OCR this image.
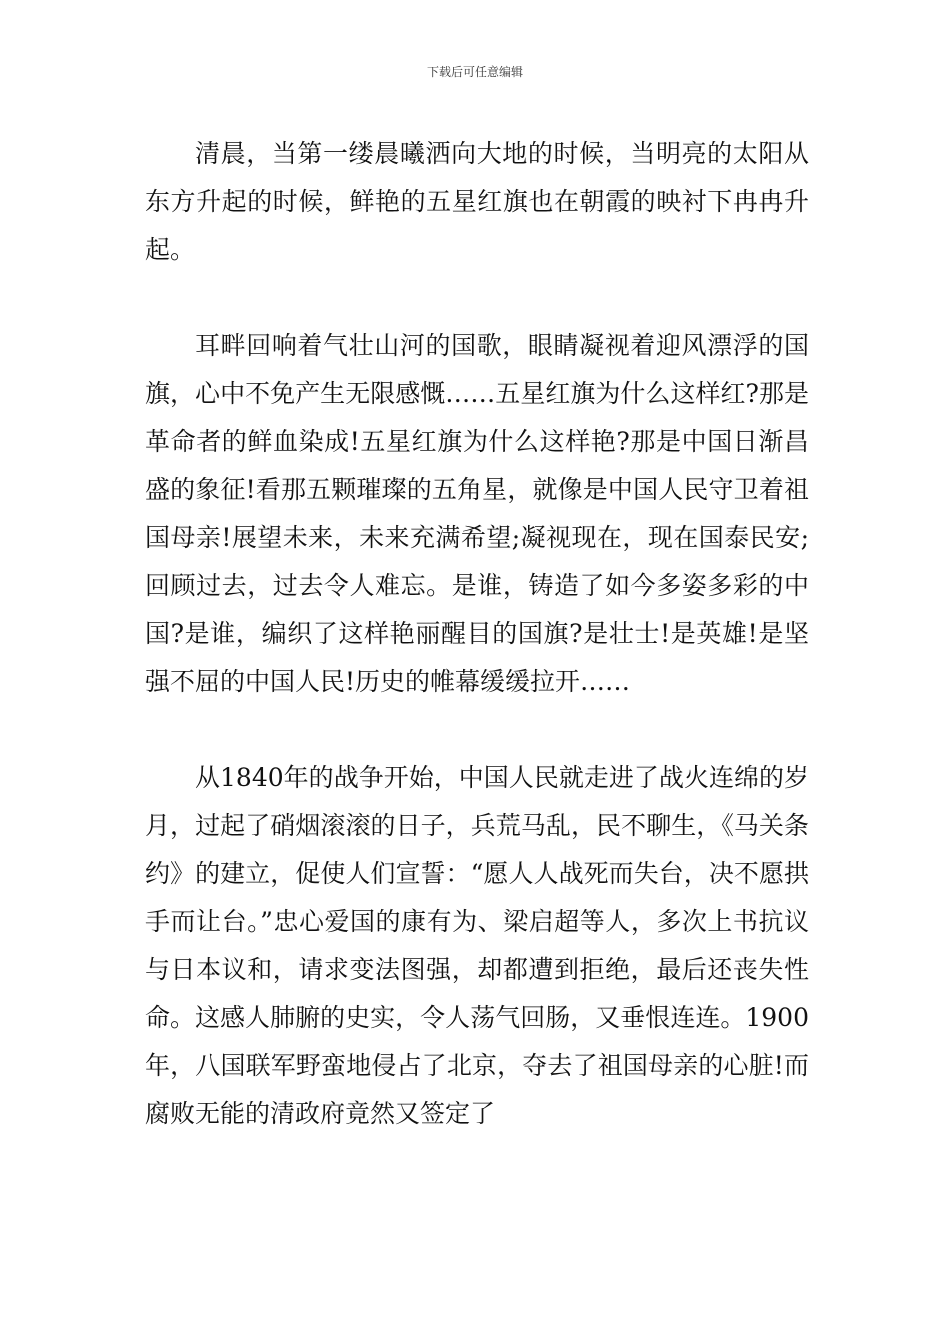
下载后可任意编辑

清晨，当第一缕晨曦洒向大地的时候，当明亮的太阳从东方升起的时候，鲜艳的五星红旗也在朝霞的映衬下冉冉升起。

耳畔回响着气壮山河的国歌，眼睛凝视着迎风漂浮的国旗，心中不免产生无限感慨……五星红旗为什么这样红?那是革命者的鲜血染成!五星红旗为什么这样艳?那是中国日渐昌盛的象征!看那五颗璀璨的五角星，就像是中国人民守卫着祖国母亲!展望未来，未来充满希望;凝视现在，现在国泰民安;回顾过去，过去令人难忘。是谁，铸造了如今多姿多彩的中国?是谁，编织了这样艳丽醒目的国旗?是壮士!是英雄!是坚强不屈的中国人民!历史的帷幕缓缓拉开……

从1840年的战争开始，中国人民就走进了战火连绵的岁月，过起了硝烟滚滚的日子，兵荒马乱，民不聊生，《马关条约》的建立，促使人们宣誓：“愿人人战死而失台，决不愿拱手而让台。”忠心爱国的康有为、梁启超等人，多次上书抗议与日本议和，请求变法图强，却都遭到拒绝，最后还丧失性命。这感人肺腑的史实，令人荡气回肠，又垂恨连连。1900年，八国联军野蛮地侵占了北京，夺去了祖国母亲的心脏!而腐败无能的清政府竟然又签定了
